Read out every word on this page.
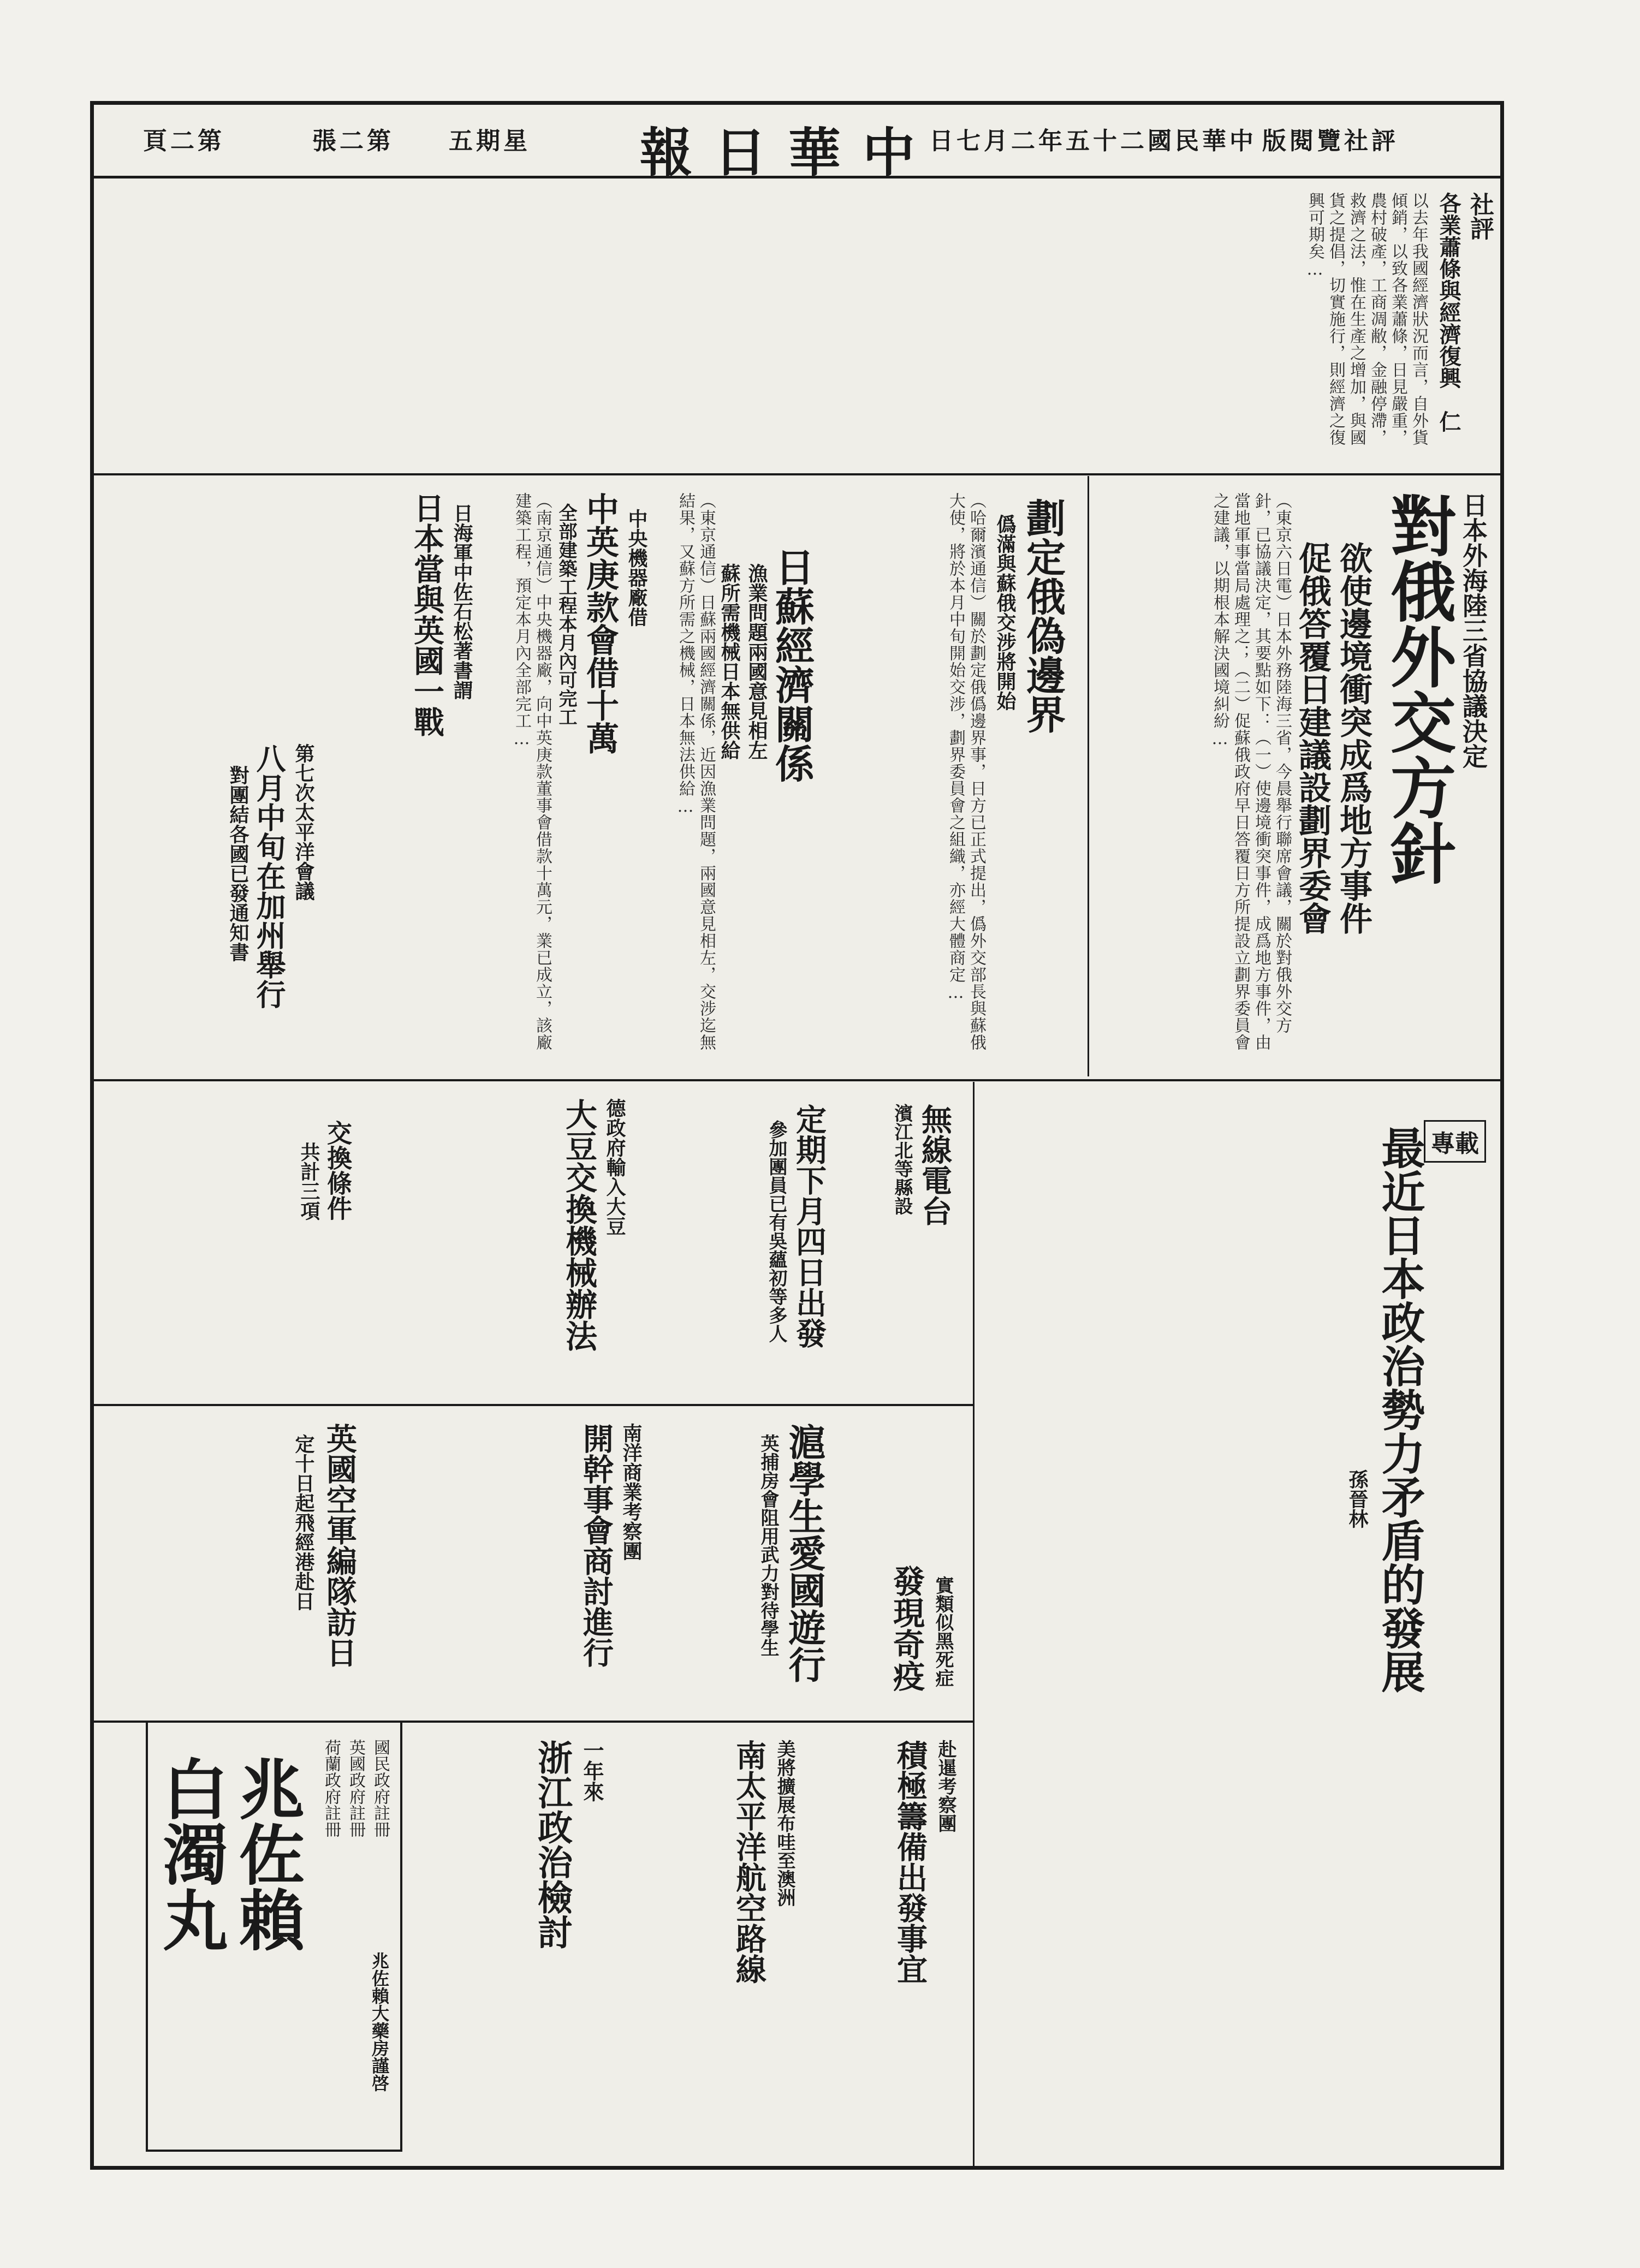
版閱覽社評
日七月二年五十二國民華中
報日華中
五期星
張二第
頁二第
社評
各業蕭條與經濟復興
仁
以去年我國經濟狀況而言，自外貨傾銷，以致各業蕭條，日見嚴重，農村破產，工商凋敝，金融停滯，救濟之法，惟在生產之增加，與國貨之提倡，切實施行，則經濟之復興可期矣…
日本外海陸三省協議決定
對俄外交方針
欲使邊境衝突成爲地方事件
促俄答覆日建議設劃界委會
（東京六日電）日本外務陸海三省，今晨舉行聯席會議，關於對俄外交方針，已協議決定，其要點如下：（一）使邊境衝突事件，成爲地方事件，由當地軍事當局處理之；（二）促蘇俄政府早日答覆日方所提設立劃界委員會之建議，以期根本解決國境糾紛…
劃定俄偽邊界
僞滿與蘇俄交涉將開始
（哈爾濱通信）關於劃定俄僞邊界事，日方已正式提出，僞外交部長與蘇俄大使，將於本月中旬開始交涉，劃界委員會之組織，亦經大體商定…
日蘇經濟關係
漁業問題兩國意見相左
蘇所需機械日本無供給
（東京通信）日蘇兩國經濟關係，近因漁業問題，兩國意見相左，交涉迄無結果，又蘇方所需之機械，日本無法供給…
中央機器廠借
中英庚款會借十萬
全部建築工程本月內可完工
（南京通信）中央機器廠，向中英庚款董事會借款十萬元，業已成立，該廠建築工程，預定本月內全部完工…
日海軍中佐石松著書謂
日本當與英國一戰
第七次太平洋會議
八月中旬在加州舉行
對團結各國已發通知書
專載
最近日本政治勢力矛盾的發展
孫晉林
無線電台
濱江北等縣設
定期下月四日出發
參加團員已有吳蘊初等多人
德政府輸入大豆
大豆交換機械辦法
交換條件
共計三項
實類似黑死症
發現奇疫
滬學生愛國遊行
英捕房會阻用武力對待學生
南洋商業考察團
開幹事會商討進行
英國空軍編隊訪日
定十日起飛經港赴日
赴暹考察團
積極籌備出發事宜
美將擴展布哇至澳洲
南太平洋航空路線
一年來
浙江政治檢討
國民政府註冊
英國政府註冊
荷蘭政府註冊
兆佐賴
白濁丸
兆佐賴大藥房謹啓
